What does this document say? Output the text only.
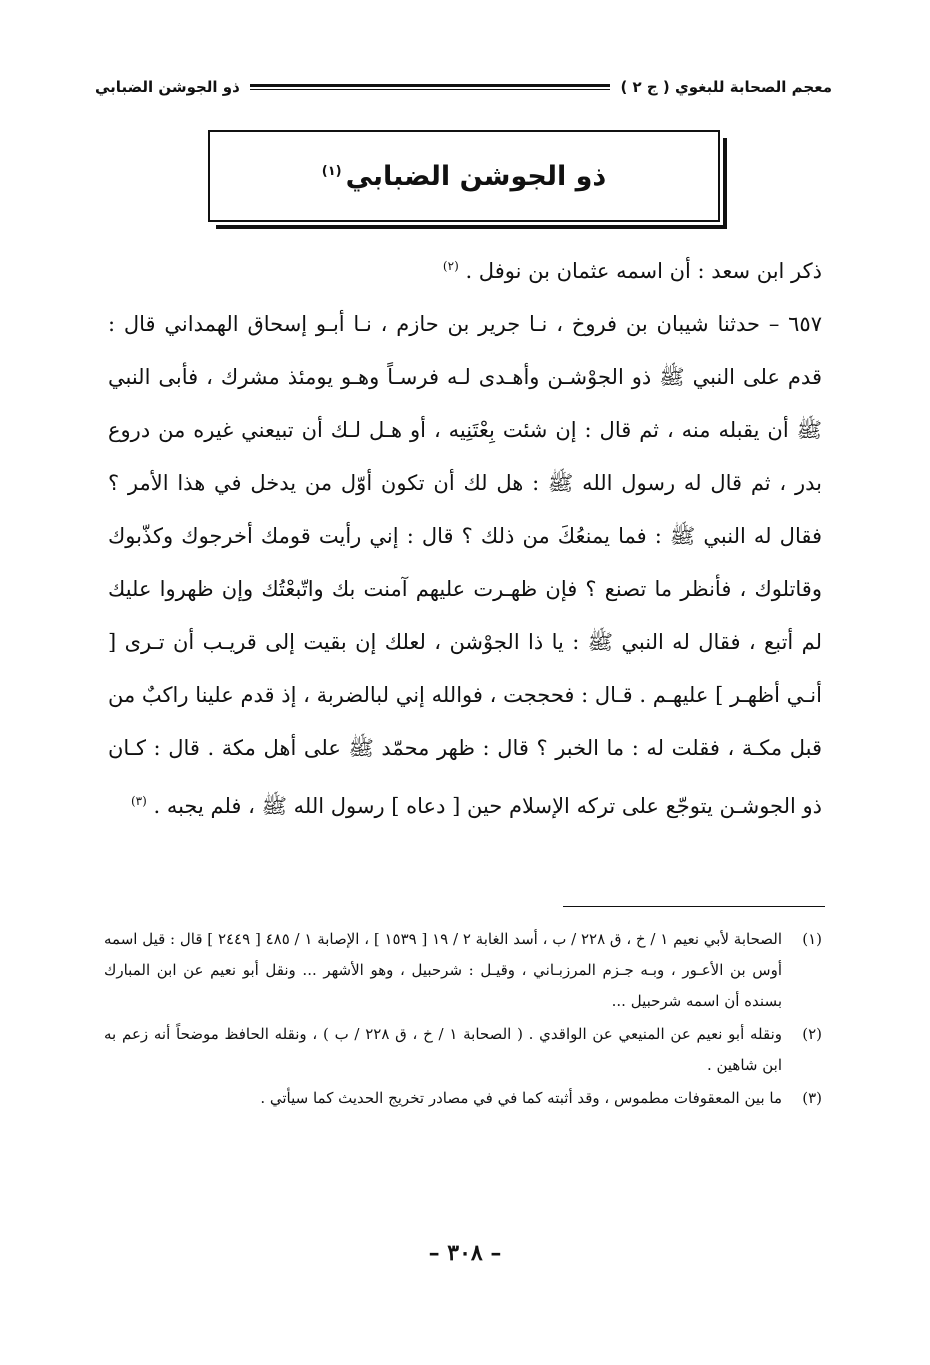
معجم الصحابة للبغوي ( ج ٢ )
ذو الجوشن الضبابي
ذو الجوشن الضبابي$^{(١)}$

ذكر ابن سعد : أن اسمه عثمان بن نوفل . $^{(٢)}$

٦٥٧ – حدثنا شيبان بن فروخ ، نـا جرير بن حازم ، نـا أبـو إسحاق الهمداني قال : قدم على النبي ﷺ ذو الجوْشـن وأهـدى لـه فرسـاً وهـو يومئذ مشرك ، فأبى النبي ﷺ أن يقبله منه ، ثم قال : إن شئت بِعْتَنِيه ، أو هـل لـك أن تبيعني غيره من دروع بدر ، ثم قال له رسول الله ﷺ : هل لك أن تكون أوّل من يدخل في هذا الأمر ؟ فقال له النبي ﷺ : فما يمنعُكَ من ذلك ؟ قال : إني رأيت قومك أخرجوك وكذّبوك وقاتلوك ، فأنظر ما تصنع ؟ فإن ظهـرت عليهم آمنت بك واتّبعْتُك وإن ظهروا عليك لم أتبع ، فقال له النبي ﷺ : يا ذا الجوْشن ، لعلك إن بقيت إلى قريـب أن تـرى [ أنـي أظهـر ] عليهـم . قـال : فحججت ، فوالله إني لبالضربة ، إذ قدم علينا راكبٌ من قبل مكـة ، فقلت له : ما الخبر ؟ قال : ظهر محمّد ﷺ على أهل مكة . قال : كـان ذو الجوشـن يتوجّع على تركه الإسلام حين [ دعاه ] رسول الله ﷺ ، فلم يجبه . $^{(٣)}$

(١)
الصحابة لأبي نعيم ١ / خ ، ق ٢٢٨ / ب ، أسد الغابة ٢ / ١٩ [ ١٥٣٩ ] ، الإصابة ١ / ٤٨٥ [ ٢٤٤٩ ] قال : قيل اسمه أوس بن الأعـور ، وبـه جـزم المرزبـاني ، وقيـل : شرحبيل ، وهو الأشهر ... ونقل أبو نعيم عن ابن المبارك بسنده أن اسمه شرحبيل ...
(٢)
ونقله أبو نعيم عن المنيعي عن الواقدي . ( الصحابة ١ / خ ، ق ٢٢٨ / ب ) ، ونقله الحافظ موضحاً أنه زعم به ابن شاهين .
(٣)
ما بين المعقوفات مطموس ، وقد أثبته كما في في مصادر تخريج الحديث كما سيأتي .
– ٣٠٨ –
